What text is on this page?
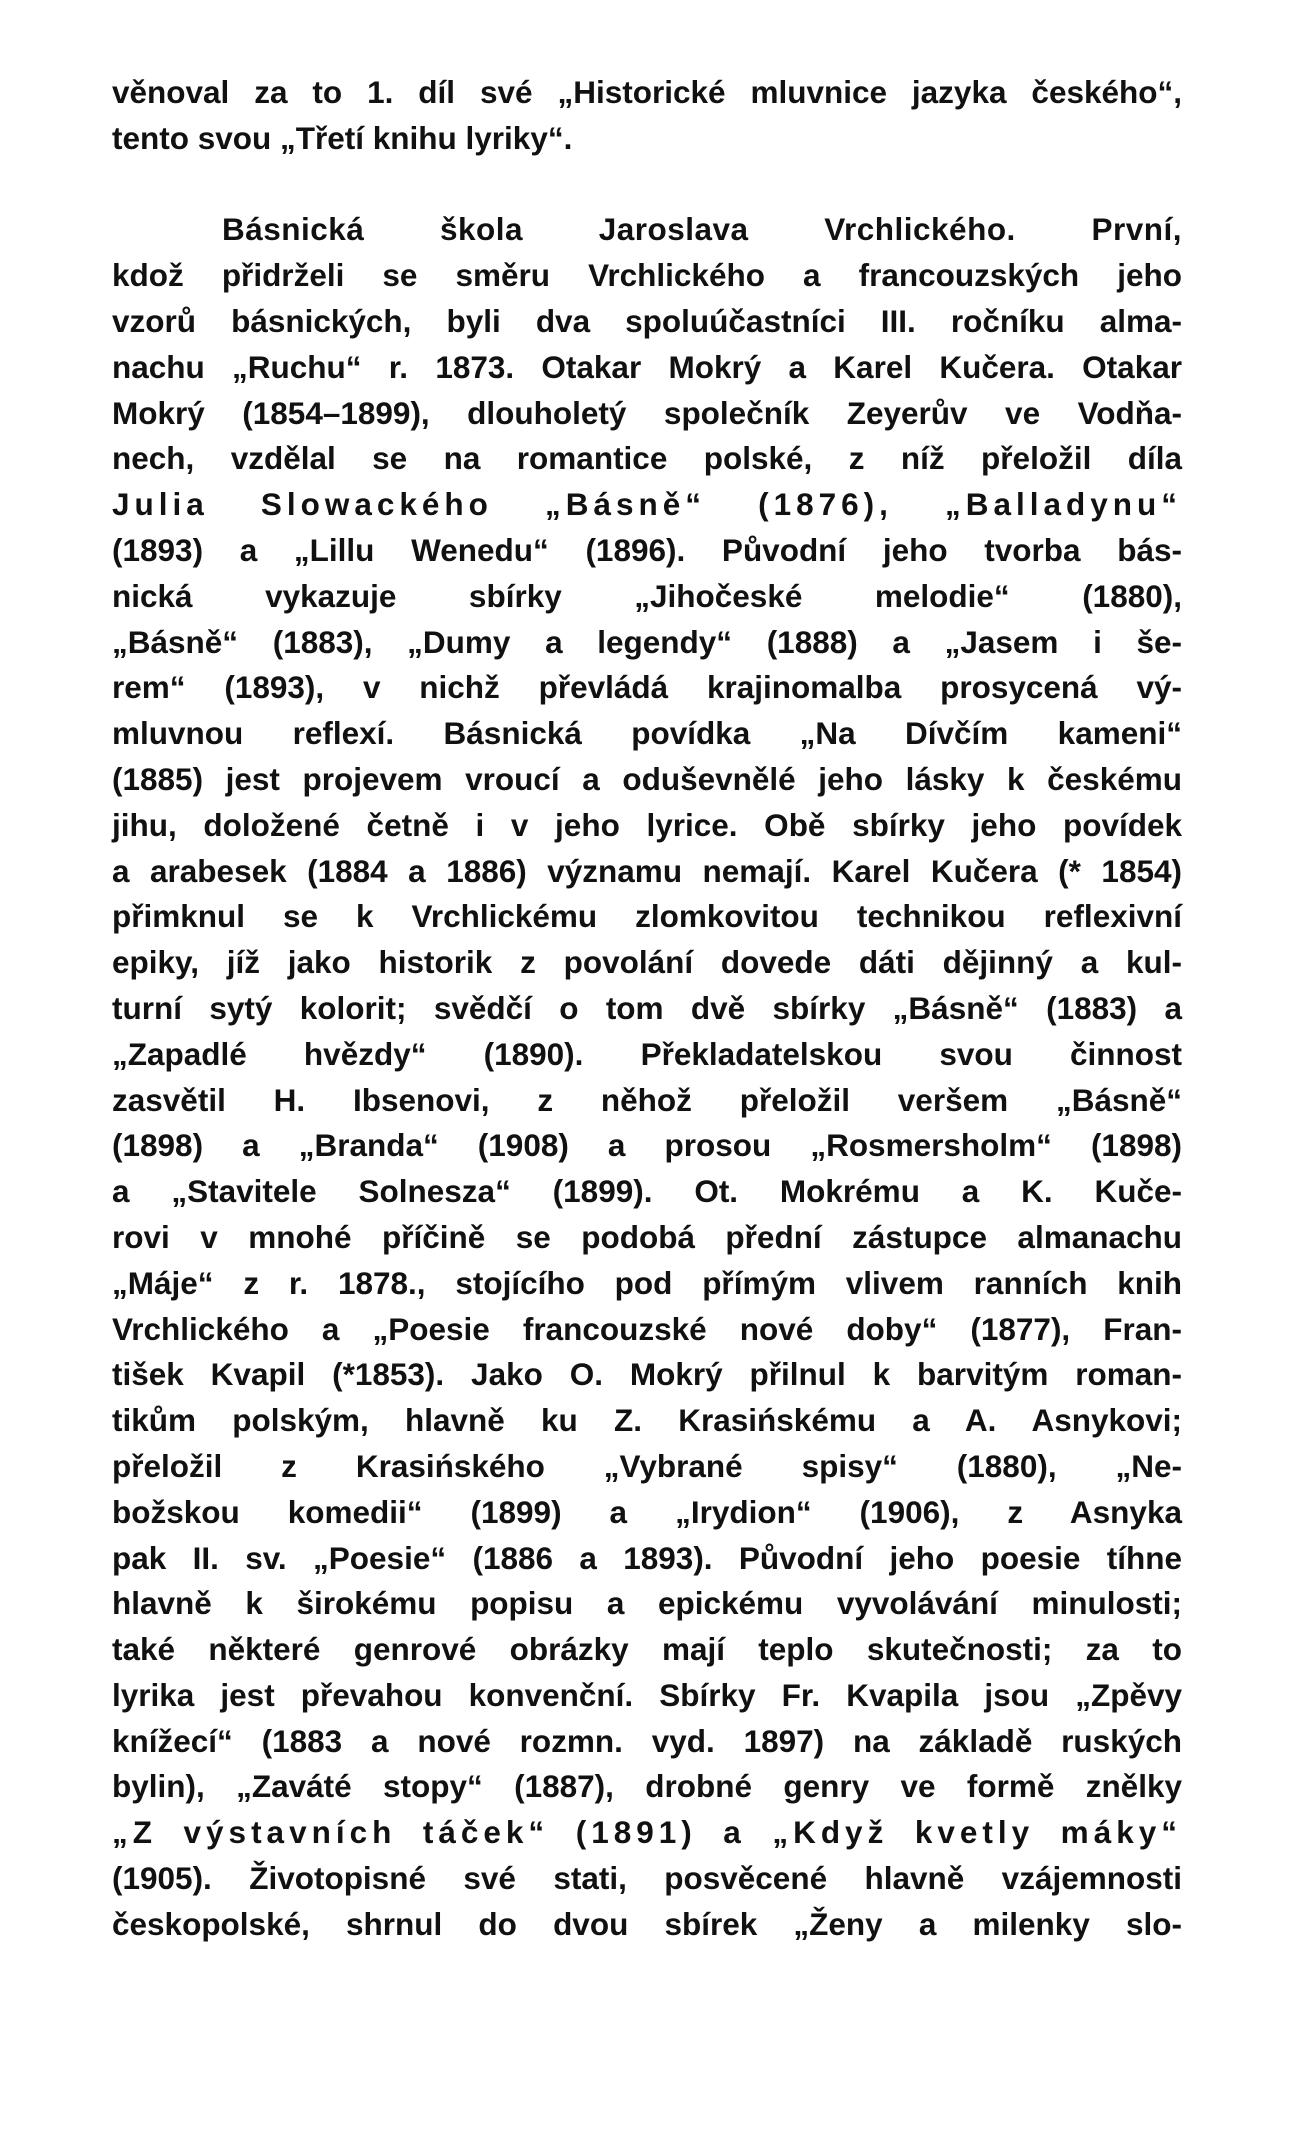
věnoval za to 1. díl své „Historické mluvnice jazyka českého“,
tento svou „Třetí knihu lyriky“.

Básnická škola Jaroslava Vrchlického. První,
kdož přidrželi se směru Vrchlického a francouzských jeho
vzorů básnických, byli dva spoluúčastníci III. ročníku alma-
nachu „Ruchu“ r. 1873. Otakar Mokrý a Karel Kučera. Otakar
Mokrý (1854–1899), dlouholetý společník Zeyerův ve Vodňa-
nech, vzdělal se na romantice polské, z níž přeložil díla
Julia Slowackého „Básně“ (1876), „Balladynu“
(1893) a „Lillu Wenedu“ (1896). Původní jeho tvorba bás-
nická vykazuje sbírky „Jihočeské melodie“ (1880),
„Básně“ (1883), „Dumy a legendy“ (1888) a „Jasem i še-
rem“ (1893), v nichž převládá krajinomalba prosycená vý-
mluvnou reflexí. Básnická povídka „Na Dívčím kameni“
(1885) jest projevem vroucí a oduševnělé jeho lásky k českému
jihu, doložené četně i v jeho lyrice. Obě sbírky jeho povídek
a arabesek (1884 a 1886) významu nemají. Karel Kučera (* 1854)
přimknul se k Vrchlickému zlomkovitou technikou reflexivní
epiky, jíž jako historik z povolání dovede dáti dějinný a kul-
turní sytý kolorit; svědčí o tom dvě sbírky „Básně“ (1883) a
„Zapadlé hvězdy“ (1890). Překladatelskou svou činnost
zasvětil H. Ibsenovi, z něhož přeložil veršem „Básně“
(1898) a „Branda“ (1908) a prosou „Rosmersholm“ (1898)
a „Stavitele Solnesza“ (1899). Ot. Mokrému a K. Kuče-
rovi v mnohé příčině se podobá přední zástupce almanachu
„Máje“ z r. 1878., stojícího pod přímým vlivem ranních knih
Vrchlického a „Poesie francouzské nové doby“ (1877), Fran-
tišek Kvapil (*1853). Jako O. Mokrý přilnul k barvitým roman-
tikům polským, hlavně ku Z. Krasińskému a A. Asnykovi;
přeložil z Krasińského „Vybrané spisy“ (1880), „Ne-
božskou komedii“ (1899) a „Irydion“ (1906), z Asnyka
pak II. sv. „Poesie“ (1886 a 1893). Původní jeho poesie tíhne
hlavně k širokému popisu a epickému vyvolávání minulosti;
také některé genrové obrázky mají teplo skutečnosti; za to
lyrika jest převahou konvenční. Sbírky Fr. Kvapila jsou „Zpěvy
knížecí“ (1883 a nové rozmn. vyd. 1897) na základě ruských
bylin), „Zaváté stopy“ (1887), drobné genry ve formě znělky
„Z výstavních táček“ (1891) a „Když kvetly máky“
(1905). Životopisné své stati, posvěcené hlavně vzájemnosti
českopolské, shrnul do dvou sbírek „Ženy a milenky slo-
